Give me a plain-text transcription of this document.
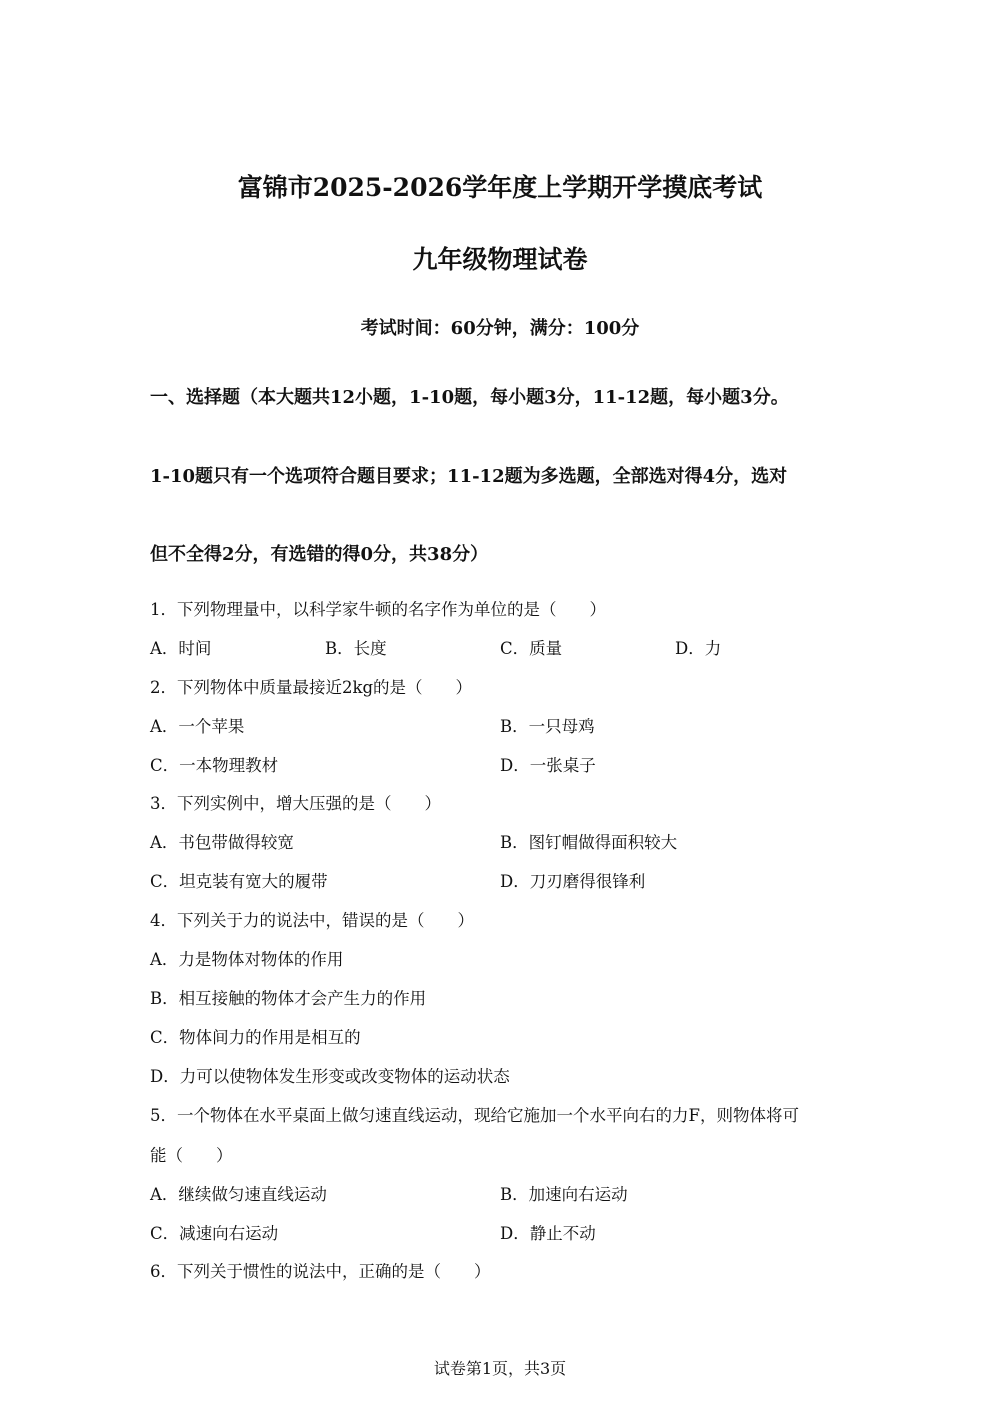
富锦市2025-2026学年度上学期开学摸底考试
九年级物理试卷
考试时间：60分钟，满分：100分
一、选择题（本大题共12小题，1-10题，每小题3分，11-12题，每小题3分。
1-10题只有一个选项符合题目要求；11-12题为多选题，全部选对得4分，选对
但不全得2分，有选错的得0分，共38分）
1．下列物理量中，以科学家牛顿的名字作为单位的是（　　）
A．时间	B．长度	C．质量	D．力
2．下列物体中质量最接近2kg的是（　　）
A．一个苹果	B．一只母鸡
C．一本物理教材	D．一张桌子
3．下列实例中，增大压强的是（　　）
A．书包带做得较宽	B．图钉帽做得面积较大
C．坦克装有宽大的履带	D．刀刃磨得很锋利
4．下列关于力的说法中，错误的是（　　）
A．力是物体对物体的作用
B．相互接触的物体才会产生力的作用
C．物体间力的作用是相互的
D．力可以使物体发生形变或改变物体的运动状态
5．一个物体在水平桌面上做匀速直线运动，现给它施加一个水平向右的力F，则物体将可
能（　　）
A．继续做匀速直线运动	B．加速向右运动
C．减速向右运动	D．静止不动
6．下列关于惯性的说法中，正确的是（　　）
试卷第1页，共3页
